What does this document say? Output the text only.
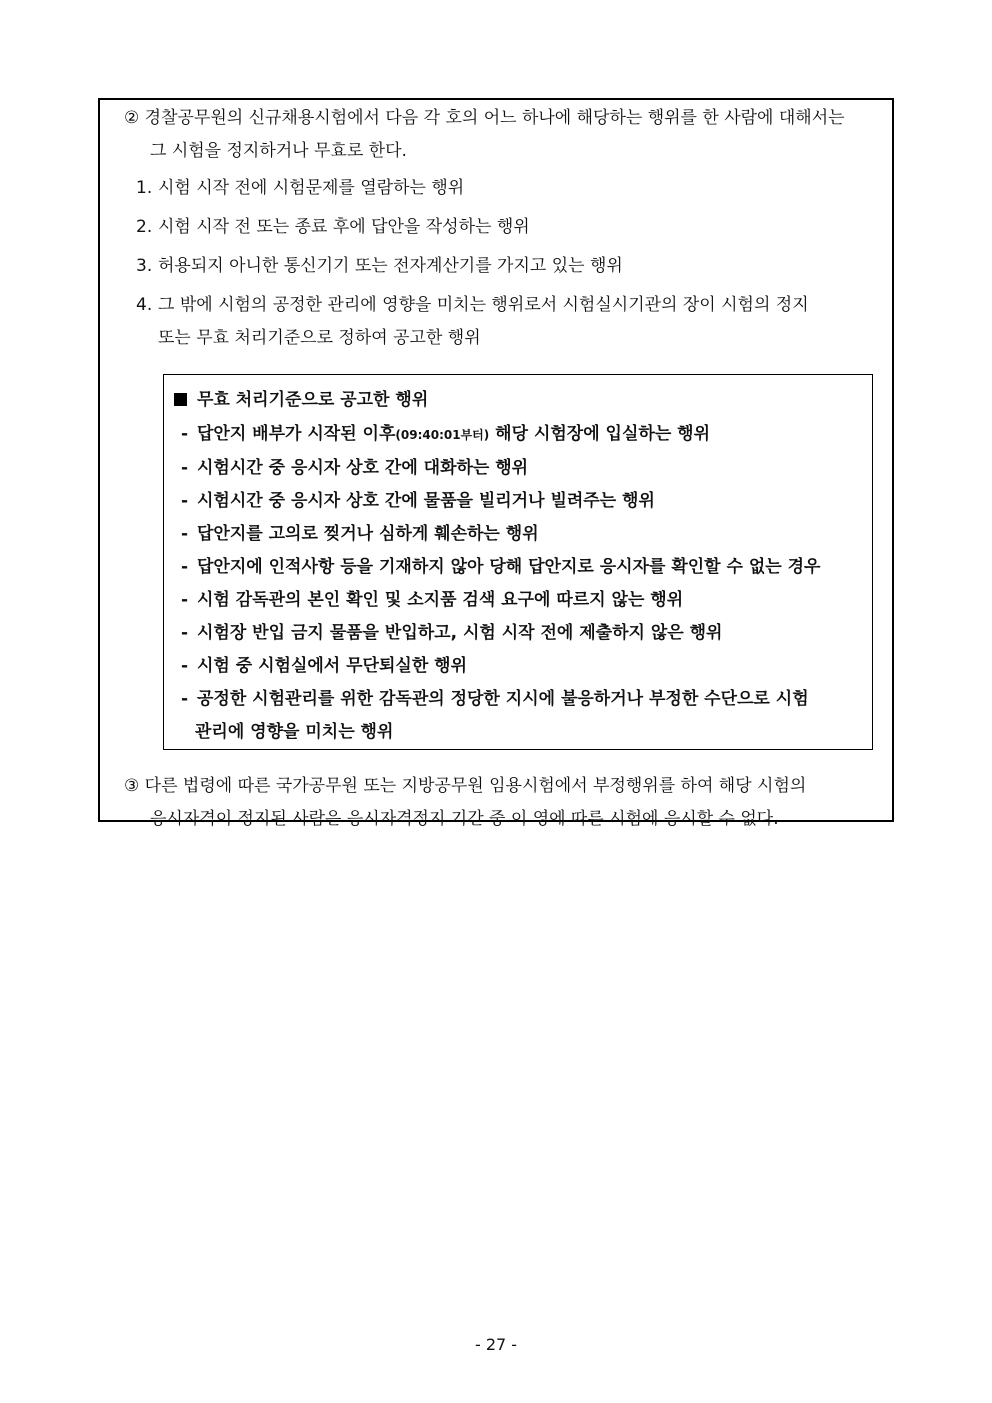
② 경찰공무원의 신규채용시험에서 다음 각 호의 어느 하나에 해당하는 행위를 한 사람에 대해서는
그 시험을 정지하거나 무효로 한다.
1. 시험 시작 전에 시험문제를 열람하는 행위
2. 시험 시작 전 또는 종료 후에 답안을 작성하는 행위
3. 허용되지 아니한 통신기기 또는 전자계산기를 가지고 있는 행위
4. 그 밖에 시험의 공정한 관리에 영향을 미치는 행위로서 시험실시기관의 장이 시험의 정지
또는 무효 처리기준으로 정하여 공고한 행위
무효 처리기준으로 공고한 행위
- 답안지 배부가 시작된 이후(09:40:01부터) 해당 시험장에 입실하는 행위
- 시험시간 중 응시자 상호 간에 대화하는 행위
- 시험시간 중 응시자 상호 간에 물품을 빌리거나 빌려주는 행위
- 답안지를 고의로 찢거나 심하게 훼손하는 행위
- 답안지에 인적사항 등을 기재하지 않아 당해 답안지로 응시자를 확인할 수 없는 경우
- 시험 감독관의 본인 확인 및 소지품 검색 요구에 따르지 않는 행위
- 시험장 반입 금지 물품을 반입하고, 시험 시작 전에 제출하지 않은 행위
- 시험 중 시험실에서 무단퇴실한 행위
- 공정한 시험관리를 위한 감독관의 정당한 지시에 불응하거나 부정한 수단으로 시험
관리에 영향을 미치는 행위
③ 다른 법령에 따른 국가공무원 또는 지방공무원 임용시험에서 부정행위를 하여 해당 시험의
응시자격이 정지된 사람은 응시자격정지 기간 중 이 영에 따른 시험에 응시할 수 없다.
- 27 -
